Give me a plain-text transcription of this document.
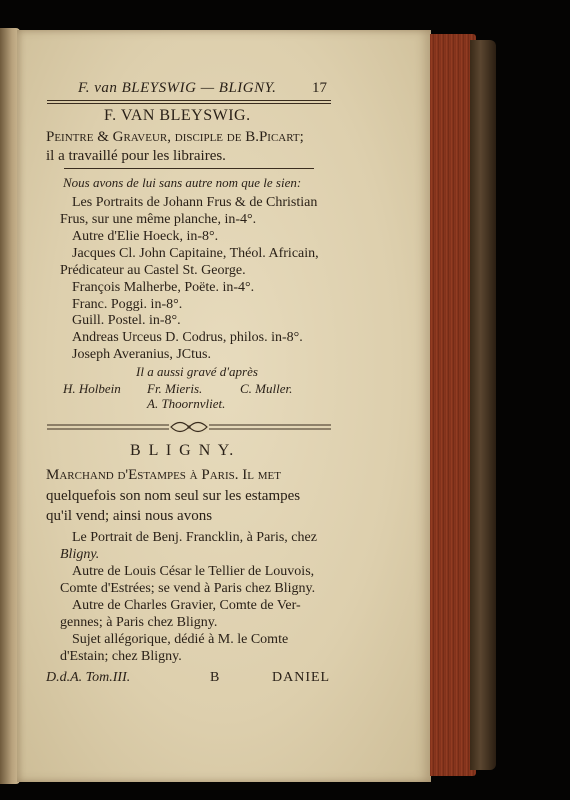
F. van BLEYSWIG — BLIGNY. 17
F. VAN BLEYSWIG.
Peintre & Graveur, disciple de B.Picart;
il a travaillé pour les libraires.
Nous avons de lui sans autre nom que le sien:
Les Portraits de Johann Frus & de Christian
Frus, sur une même planche, in-4°.
Autre d'Elie Hoeck, in-8°.
Jacques Cl. John Capitaine, Théol. Africain,
Prédicateur au Castel St. George.
François Malherbe, Poëte. in-4°.
Franc. Poggi. in-8°.
Guill. Postel. in-8°.
Andreas Urceus D. Codrus, philos. in-8°.
Joseph Averanius, JCtus.
Il a aussi gravé d'après
H. Holbein Fr. Mieris.	C. Muller.
A. Thoornvliet.
B L I G N Y.
Marchand d'Estampes à Paris. Il met
quelquefois son nom seul sur les estampes
qu'il vend; ainsi nous avons
Le Portrait de Benj. Francklin, à Paris, chez
Bligny.
Autre de Louis César le Tellier de Louvois,
Comte d'Estrées; se vend à Paris chez Bligny.
Autre de Charles Gravier, Comte de Ver-
gennes; à Paris chez Bligny.
Sujet allégorique, dédié à M. le Comte
d'Estain; chez Bligny.
D.d.A. Tom.III.	B	DANIEL
